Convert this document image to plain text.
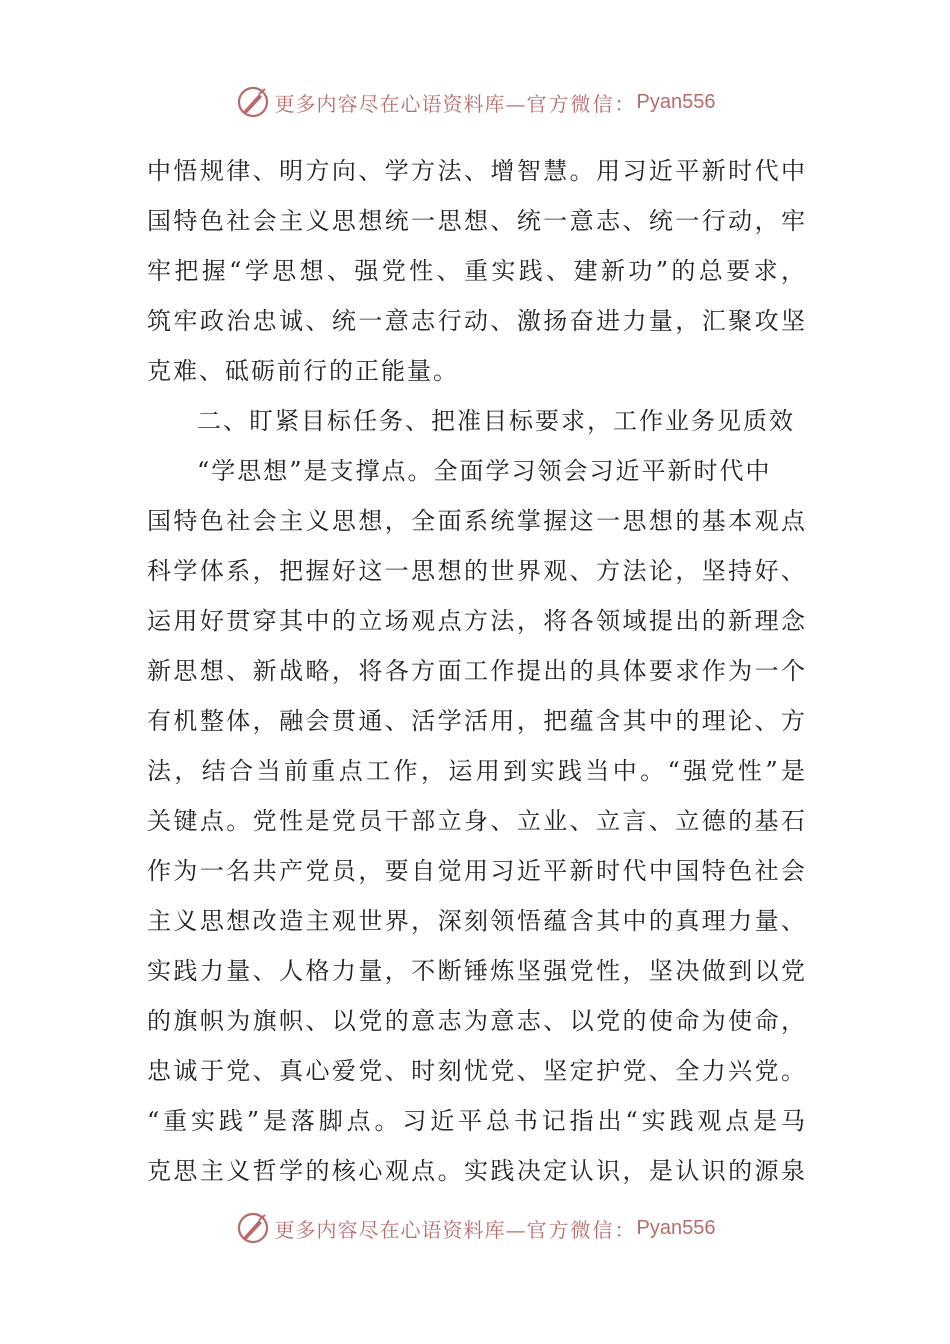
更多内容尽在心语资料库— 官方微信： Pyan556
中悟规律、明方向、学方法、增智慧。用习近平新时代中
国特色社会主义思想统一思想、统一意志、统一行动，牢
牢把握“学思想、强党性、重实践、建新功”的总要求，
筑牢政治忠诚、统一意志行动、激扬奋进力量，汇聚攻坚
克难、砥砺前行的正能量。
二、盯紧目标任务、把准目标要求，工作业务见质效
“学思想”是支撑点。全面学习领会习近平新时代中
国特色社会主义思想，全面系统掌握这一思想的基本观点
科学体系，把握好这一思想的世界观、方法论，坚持好、
运用好贯穿其中的立场观点方法，将各领域提出的新理念
新思想、新战略，将各方面工作提出的具体要求作为一个
有机整体，融会贯通、活学活用，把蕴含其中的理论、方
法，结合当前重点工作，运用到实践当中。“强党性”是
关键点。党性是党员干部立身、立业、立言、立德的基石
作为一名共产党员，要自觉用习近平新时代中国特色社会
主义思想改造主观世界，深刻领悟蕴含其中的真理力量、
实践力量、人格力量，不断锤炼坚强党性，坚决做到以党
的旗帜为旗帜、以党的意志为意志、以党的使命为使命，
忠诚于党、真心爱党、时刻忧党、坚定护党、全力兴党。
“重实践”是落脚点。习近平总书记指出“实践观点是马
克思主义哲学的核心观点。实践决定认识，是认识的源泉
更多内容尽在心语资料库— 官方微信： Pyan556
